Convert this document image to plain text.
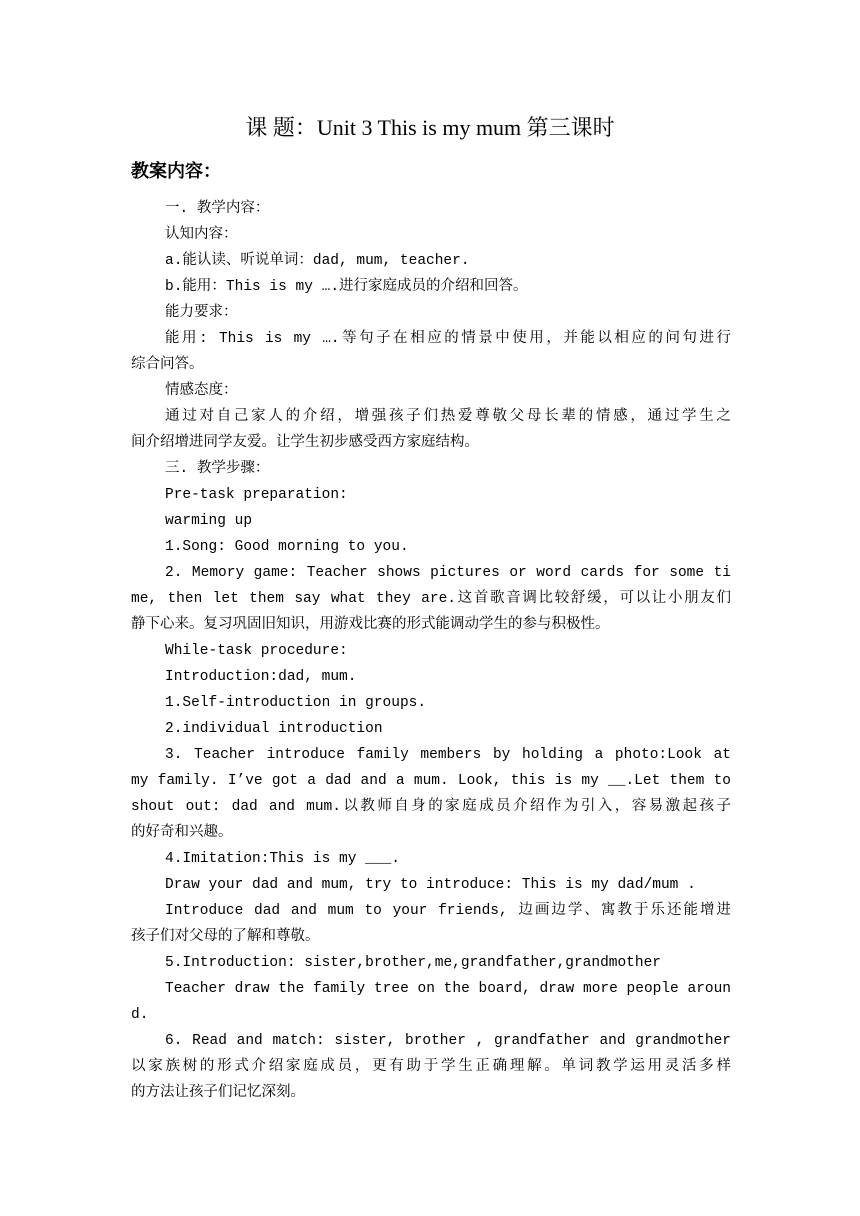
课 题：Unit 3 This is my mum 第三课时
教案内容：
一. 教学内容：
认知内容：
a.能认读、听说单词：dad, mum, teacher.
b.能用：This is my ….进行家庭成员的介绍和回答。
能力要求：
能用: This is my ….等句子在相应的情景中使用，并能以相应的问句进行
综合问答。
情感态度：
通过对自己家人的介绍，增强孩子们热爱尊敬父母长辈的情感，通过学生之
间介绍增进同学友爱。让学生初步感受西方家庭结构。
三. 教学步骤：
Pre-task preparation:
warming up
1.Song: Good morning to you.
2. Memory game: Teacher shows pictures or word cards for some ti
me, then let them say what they are.这首歌音调比较舒缓，可以让小朋友们
静下心来。复习巩固旧知识，用游戏比赛的形式能调动学生的参与积极性。
While-task procedure:
Introduction:dad, mum.
1.Self-introduction in groups.
2.individual introduction
3. Teacher introduce family members by holding a photo:Look at
my family. I’ve got a dad and a mum. Look, this is my __.Let them to
shout out: dad and mum.以教师自身的家庭成员介绍作为引入，容易激起孩子
的好奇和兴趣。
4.Imitation:This is my ___.
Draw your dad and mum, try to introduce: This is my dad/mum .
Introduce dad and mum to your friends, 边画边学、寓教于乐还能增进
孩子们对父母的了解和尊敬。
5.Introduction: sister,brother,me,grandfather,grandmother
Teacher draw the family tree on the board, draw more people aroun
d.
6. Read and match: sister, brother , grandfather and grandmother
以家族树的形式介绍家庭成员，更有助于学生正确理解。单词教学运用灵活多样
的方法让孩子们记忆深刻。
